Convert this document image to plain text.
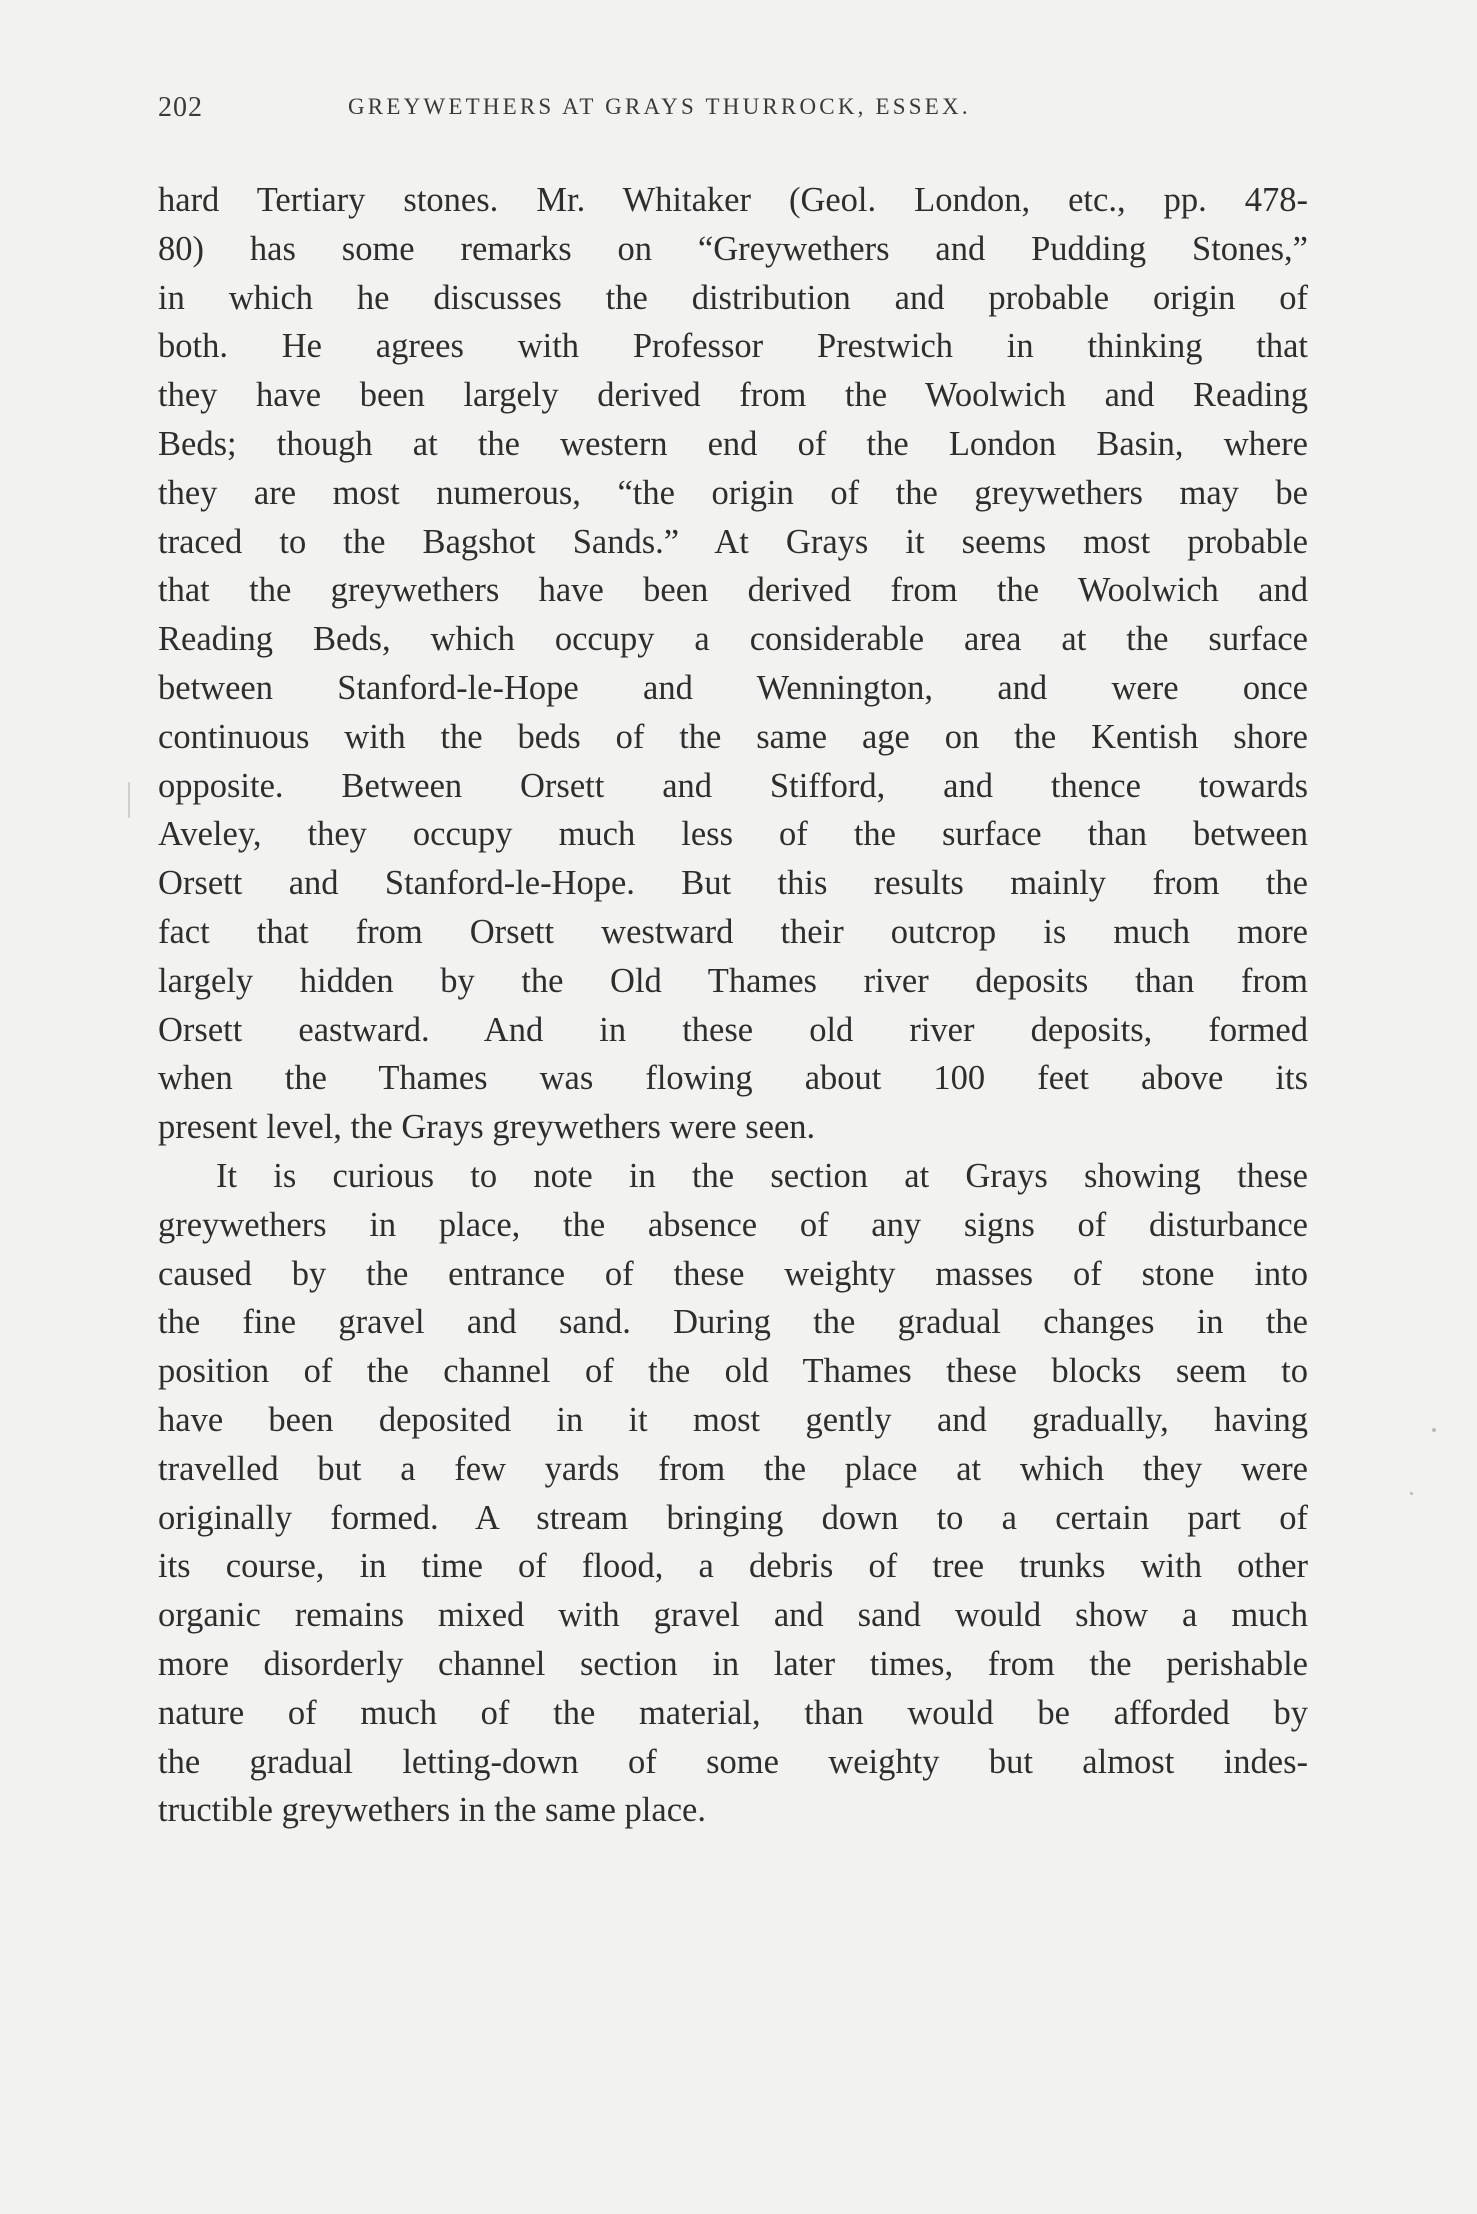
202	GREYWETHERS AT GRAYS THURROCK, ESSEX.

hard Tertiary stones. Mr. Whitaker (Geol. London, etc., pp. 478-
80) has some remarks on “Greywethers and Pudding Stones,”
in which he discusses the distribution and probable origin of
both. He agrees with Professor Prestwich in thinking that
they have been largely derived from the Woolwich and Reading
Beds; though at the western end of the London Basin, where
they are most numerous, “the origin of the greywethers may be
traced to the Bagshot Sands.” At Grays it seems most probable
that the greywethers have been derived from the Woolwich and
Reading Beds, which occupy a considerable area at the surface
between Stanford-le-Hope and Wennington, and were once
continuous with the beds of the same age on the Kentish shore
opposite. Between Orsett and Stifford, and thence towards
Aveley, they occupy much less of the surface than between
Orsett and Stanford-le-Hope. But this results mainly from the
fact that from Orsett westward their outcrop is much more
largely hidden by the Old Thames river deposits than from
Orsett eastward. And in these old river deposits, formed
when the Thames was flowing about 100 feet above its
present level, the Grays greywethers were seen.

It is curious to note in the section at Grays showing these
greywethers in place, the absence of any signs of disturbance
caused by the entrance of these weighty masses of stone into
the fine gravel and sand. During the gradual changes in the
position of the channel of the old Thames these blocks seem to
have been deposited in it most gently and gradually, having
travelled but a few yards from the place at which they were
originally formed. A stream bringing down to a certain part of
its course, in time of flood, a debris of tree trunks with other
organic remains mixed with gravel and sand would show a much
more disorderly channel section in later times, from the perishable
nature of much of the material, than would be afforded by
the gradual letting-down of some weighty but almost indes-
tructible greywethers in the same place.
